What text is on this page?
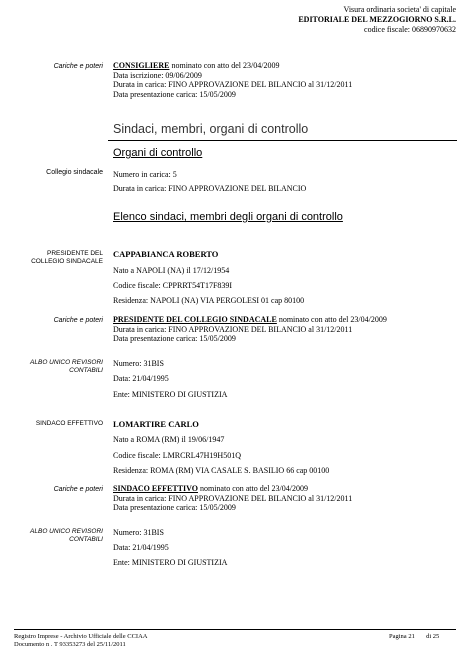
Visura ordinaria societa' di capitale
EDITORIALE DEL MEZZOGIORNO S.R.L.
codice fiscale: 06890970632
Cariche e poteri CONSIGLIERE nominato con atto del 23/04/2009
Data iscrizione: 09/06/2009
Durata in carica: FINO APPROVAZIONE DEL BILANCIO al 31/12/2011
Data presentazione carica: 15/05/2009
Sindaci, membri, organi di controllo
Organi di controllo
Collegio sindacale Numero in carica: 5
Durata in carica: FINO APPROVAZIONE DEL BILANCIO
Elenco sindaci, membri degli organi di controllo
PRESIDENTE DEL
COLLEGIO SINDACALE
CAPPABIANCA ROBERTO
Nato a NAPOLI (NA) il 17/12/1954
Codice fiscale: CPPRRT54T17F839I
Residenza: NAPOLI (NA) VIA PERGOLESI 01 cap 80100
Cariche e poteri PRESIDENTE DEL COLLEGIO SINDACALE nominato con atto del 23/04/2009
Durata in carica: FINO APPROVAZIONE DEL BILANCIO al 31/12/2011
Data presentazione carica: 15/05/2009
ALBO UNICO REVISORI
CONTABILI
Numero: 31BIS
Data: 21/04/1995
Ente: MINISTERO DI GIUSTIZIA
SINDACO EFFETTIVO LOMARTIRE CARLO
Nato a ROMA (RM) il 19/06/1947
Codice fiscale: LMRCRL47H19H501Q
Residenza: ROMA (RM) VIA CASALE S. BASILIO 66 cap 00100
Cariche e poteri SINDACO EFFETTIVO nominato con atto del 23/04/2009
Durata in carica: FINO APPROVAZIONE DEL BILANCIO al 31/12/2011
Data presentazione carica: 15/05/2009
ALBO UNICO REVISORI
CONTABILI
Numero: 31BIS
Data: 21/04/1995
Ente: MINISTERO DI GIUSTIZIA
Registro Imprese - Archivio Ufficiale delle CCIAA
Documento n . T 93353273 del 25/11/2011
Pagina 21 di 25
